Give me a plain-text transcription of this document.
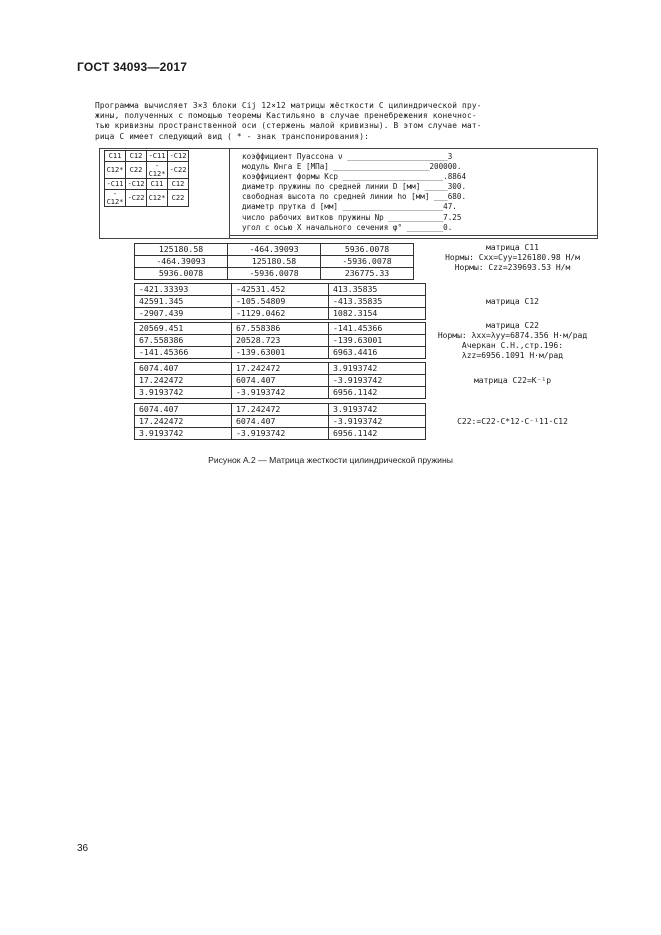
ГОСТ 34093—2017
Программа вычисляет 3×3 блоки Cij 12×12 матрицы жёсткости С цилиндрической пру-
жины, полученных с помощью теоремы Кастильяно в случае пренебрежения конечнос-
тью кривизны пространственной оси (стержень малой кривизны). В этом случае мат-
рица С имеет следующий вид ( * - знак транспонирования):
C11	C12	-C11	-C12
C12*	C22	-C12*	-C22
-C11	-C12	C11	C12
-C12*	-C22	C12*	C22
коэффициент Пуассона ν ______________________3
модуль Юнга E [МПа] _____________________200000.
коэффициент формы Kcp ______________________.8864
диаметр пружины по средней линии D [мм] _____300.
свободная высота по средней линии ho [мм] ___680.
диаметр прутка d [мм] ______________________47.
число рабочих витков пружины Nр ____________7.25
угол с осью X начального сечения φ° ________0.
125180.58	-464.39093	5936.0078
-464.39093	125180.58	-5936.0078
5936.0078	-5936.0078	236775.33
матрица C11
Нормы: Cxx=Cyy=126180.98 Н/м
Нормы: Czz=239693.53 Н/м
-421.33393	-42531.452	413.35835
42591.345	-105.54809	-413.35835
-2907.439	-1129.0462	1082.3154
матрица C12
20569.451	67.558386	-141.45366
67.558386	20528.723	-139.63001
-141.45366	-139.63001	6963.4416
матрица C22
Нормы: λxx=λyy=6874.356 Н·м/рад
Ачеркан С.Н.,стр.196:
λzz=6956.1091 Н·м/рад
6074.407	17.242472	3.9193742
17.242472	6074.407	-3.9193742
3.9193742	-3.9193742	6956.1142
матрица C22=K⁻¹p
6074.407	17.242472	3.9193742
17.242472	6074.407	-3.9193742
3.9193742	-3.9193742	6956.1142
C22:=C22-C*12·C⁻¹11·C12
Рисунок А.2 — Матрица жесткости цилиндрической пружины
36
